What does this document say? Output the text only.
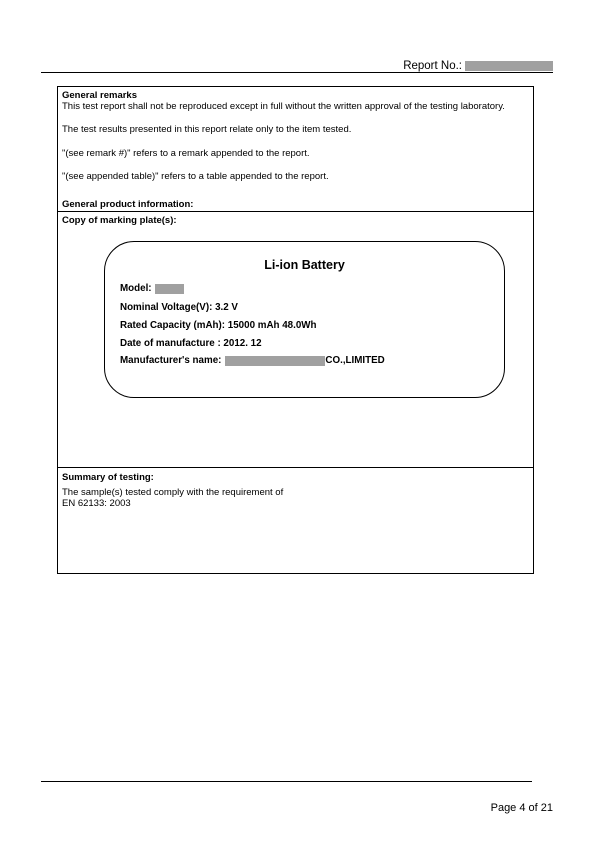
Report No.:
General remarks
This test report shall not be reproduced except in full without the written approval of the testing laboratory.
The test results presented in this report relate only to the item tested.
"(see remark #)" refers to a remark appended to the report.
"(see appended table)" refers to a table appended to the report.
General product information:
Copy of marking plate(s):
Li-ion Battery
Model:
Nominal Voltage(V): 3.2 V
Rated Capacity (mAh): 15000 mAh 48.0Wh
Date of manufacture : 2012. 12
Manufacturer's name:	CO.,LIMITED
Summary of testing:
The sample(s) tested comply with the requirement of
EN 62133: 2003
Page 4 of 21
